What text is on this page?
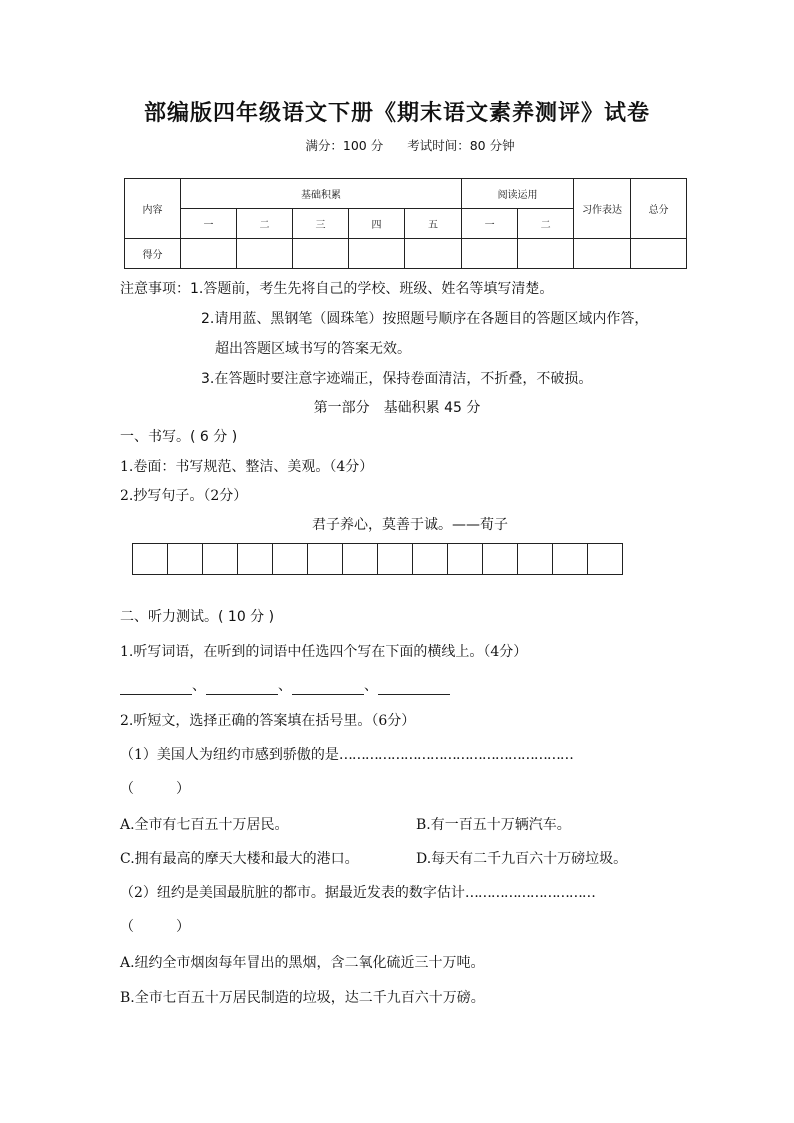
部编版四年级语文下册《期末语文素养测评》试卷
满分：100 分 考试时间：80 分钟
内容	基础积累					阅读运用		习作表达	总分
	一	二	三	四	五	一	二		
得分									
注意事项：1.答题前，考生先将自己的学校、班级、姓名等填写清楚。
2.请用蓝、黑钢笔（圆珠笔）按照题号顺序在各题目的答题区域内作答，
超出答题区域书写的答案无效。
3.在答题时要注意字迹端正，保持卷面清洁，不折叠，不破损。
第一部分　基础积累 45 分
一、书写。( 6 分 )
1.卷面：书写规范、整洁、美观。（4分）
2.抄写句子。（2分）
君子养心，莫善于诚。——荀子
二、听力测试。( 10 分 )
1.听写词语，在听到的词语中任选四个写在下面的横线上。（4分）
、	、	、
2.听短文，选择正确的答案填在括号里。（6分）
（1）美国人为纽约市感到骄傲的是………………………………………………
（　　　）
A.全市有七百五十万居民。	B.有一百五十万辆汽车。
C.拥有最高的摩天大楼和最大的港口。	D.每天有二千九百六十万磅垃圾。
（2）纽约是美国最肮脏的都市。据最近发表的数字估计…………………………
（　　　）
A.纽约全市烟囱每年冒出的黑烟，含二氧化硫近三十万吨。
B.全市七百五十万居民制造的垃圾，达二千九百六十万磅。
